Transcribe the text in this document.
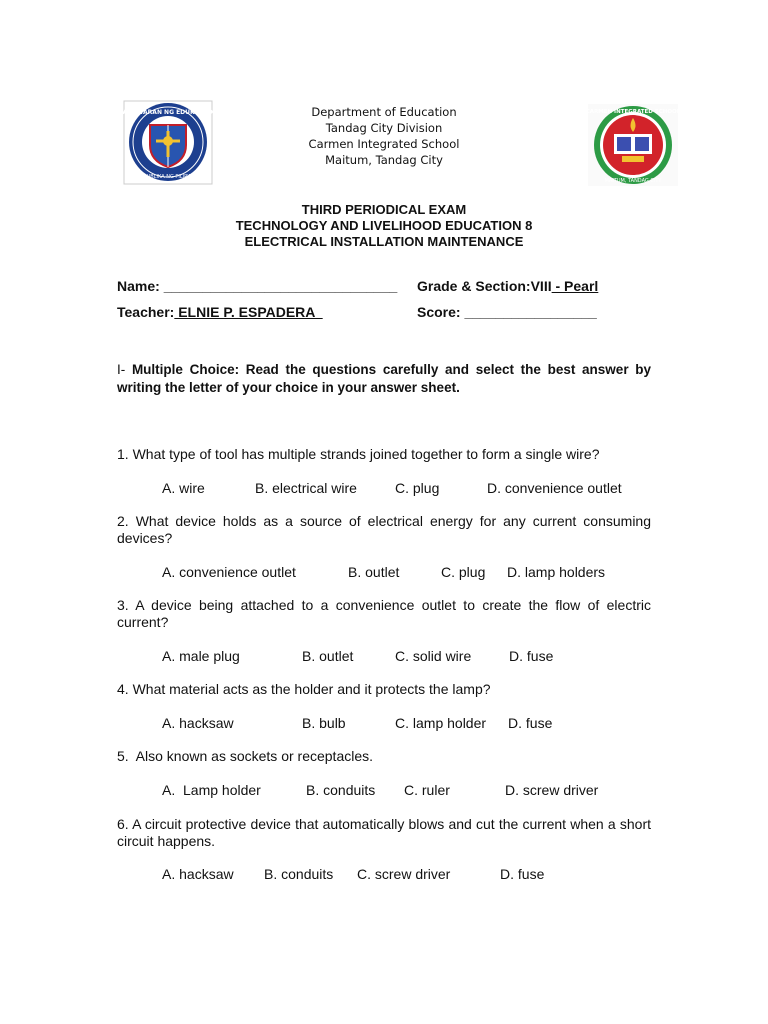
KAGAWARAN NG EDUKASYON
REPUBLIKA NG PILIPINAS
Department of Education
Tandag City Division
Carmen Integrated School
Maitum, Tandag City
CARMEN INTEGRATED SCHOOL
MAITUM, TANDAG CITY
THIRD PERIODICAL EXAM
TECHNOLOGY AND LIVELIHOOD EDUCATION 8
ELECTRICAL INSTALLATION MAINTENANCE
Name: ______________________________ Grade & Section:VIII - Pearl
Teacher: ELNIE P. ESPADERA	Score: _________________
I- Multiple Choice: Read the questions carefully and select the best answer by writing the letter of your choice in your answer sheet.
1. What type of tool has multiple strands joined together to form a single wire?
A. wire	B. electrical wire	C. plug	D. convenience outlet
2. What device holds as a source of electrical energy for any current consuming devices?
A. convenience outlet	B. outlet	C. plug D. lamp holders
3. A device being attached to a convenience outlet to create the flow of electric current?
A. male plug	B. outlet	C. solid wire	D. fuse
4. What material acts as the holder and it protects the lamp?
A. hacksaw	B. bulb	C. lamp holder D. fuse
5.  Also known as sockets or receptacles.
A.  Lamp holder	B. conduits C. ruler	D. screw driver
6. A circuit protective device that automatically blows and cut the current when a short circuit happens.
A. hacksaw B. conduits C. screw driver	D. fuse
